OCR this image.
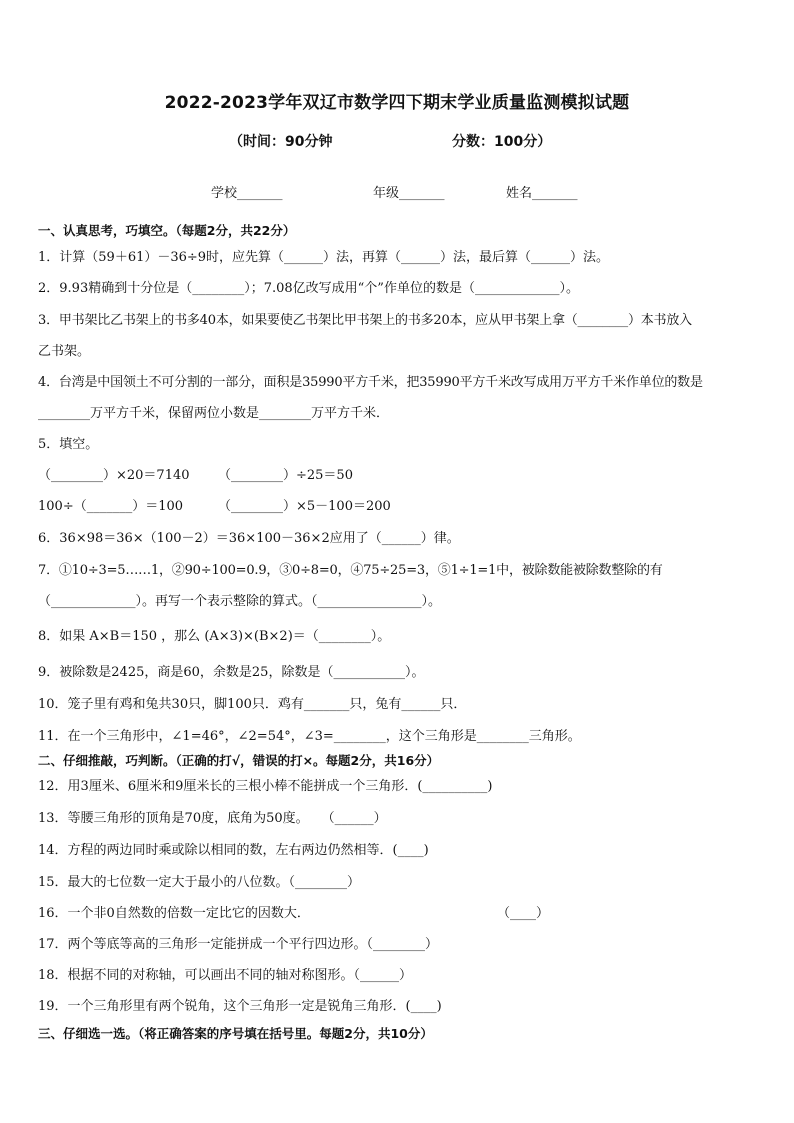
2022-2023学年双辽市数学四下期末学业质量监测模拟试题
（时间：90分钟	分数：100分）
学校_______	年级_______	姓名_______
一、认真思考，巧填空。（每题2分，共22分）
1．计算（59＋61）－36÷9时，应先算（______）法，再算（______）法，最后算（______）法。
2．9.93精确到十分位是（________）；7.08亿改写成用“个”作单位的数是（_____________）。
3．甲书架比乙书架上的书多40本，如果要使乙书架比甲书架上的书多20本，应从甲书架上拿（________）本书放入
乙书架。
4．台湾是中国领土不可分割的一部分，面积是35990平方千米，把35990平方千米改写成用万平方千米作单位的数是
________万平方千米，保留两位小数是________万平方千米．
5．填空。
（________）×20＝7140 （________）÷25＝50
100÷（_______）＝100	（________）×5－100＝200
6．36×98＝36×（100－2）＝36×100－36×2应用了（______）律。
7．①10÷3=5……1，②90÷100=0.9，③0÷8=0，④75÷25=3，⑤1÷1=1中，被除数能被除数整除的有
（_____________）。再写一个表示整除的算式。（________________）。
8．如果 A×B＝150 ，那么 (A×3)×(B×2)＝（________）。
9．被除数是2425，商是60，余数是25，除数是（___________）。
10．笼子里有鸡和兔共30只，脚100只．鸡有_______只，兔有______只．
11．在一个三角形中，∠1=46°，∠2=54°，∠3=________，这个三角形是________三角形。
二、仔细推敲，巧判断。（正确的打√，错误的打×。每题2分，共16分）
12．用3厘米、6厘米和9厘米长的三根小棒不能拼成一个三角形．(__________)
13．等腰三角形的顶角是70度，底角为50度。　　（______）
14．方程的两边同时乘或除以相同的数，左右两边仍然相等．(____)
15．最大的七位数一定大于最小的八位数。（________）
16．一个非0自然数的倍数一定比它的因数大．	（____）
17．两个等底等高的三角形一定能拼成一个平行四边形。（________）
18．根据不同的对称轴，可以画出不同的轴对称图形。（______）
19．一个三角形里有两个锐角，这个三角形一定是锐角三角形．(____)
三、仔细选一选。（将正确答案的序号填在括号里。每题2分，共10分）
